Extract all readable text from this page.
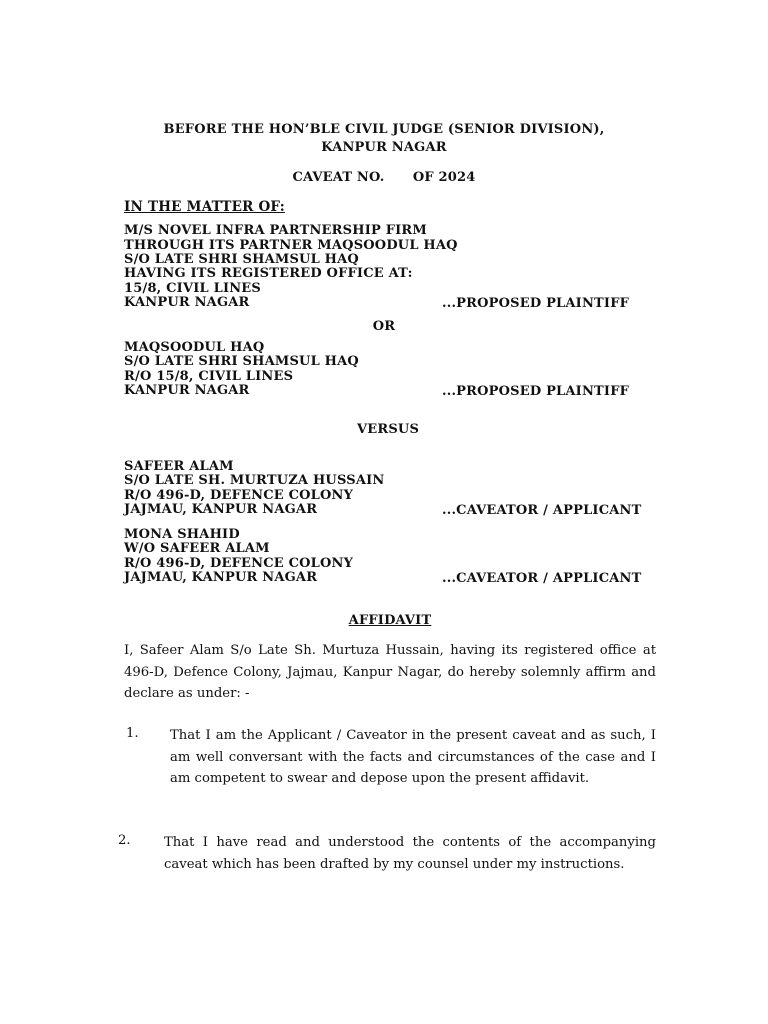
BEFORE THE HON’BLE CIVIL JUDGE (SENIOR DIVISION),
KANPUR NAGAR
CAVEAT NO.      OF 2024
IN THE MATTER OF:
M/S NOVEL INFRA PARTNERSHIP FIRM
THROUGH ITS PARTNER MAQSOODUL HAQ
S/O LATE SHRI SHAMSUL HAQ
HAVING ITS REGISTERED OFFICE AT:
15/8, CIVIL LINES
KANPUR NAGAR	...PROPOSED PLAINTIFF
OR
MAQSOODUL HAQ
S/O LATE SHRI SHAMSUL HAQ
R/O 15/8, CIVIL LINES
KANPUR NAGAR	...PROPOSED PLAINTIFF
VERSUS
SAFEER ALAM
S/O LATE SH. MURTUZA HUSSAIN
R/O 496-D, DEFENCE COLONY
JAJMAU, KANPUR NAGAR	...CAVEATOR / APPLICANT
MONA SHAHID
W/O SAFEER ALAM
R/O 496-D, DEFENCE COLONY
JAJMAU, KANPUR NAGAR	...CAVEATOR / APPLICANT
AFFIDAVIT
I, Safeer Alam S/o Late Sh. Murtuza Hussain, having its registered office at 496-D, Defence Colony, Jajmau, Kanpur Nagar, do hereby solemnly affirm and declare as under: -
1. That I am the Applicant / Caveator in the present caveat and as such, I am well conversant with the facts and circumstances of the case and I am competent to swear and depose upon the present affidavit.
2.	That I have read and understood the contents of the accompanying caveat which has been drafted by my counsel under my instructions.
